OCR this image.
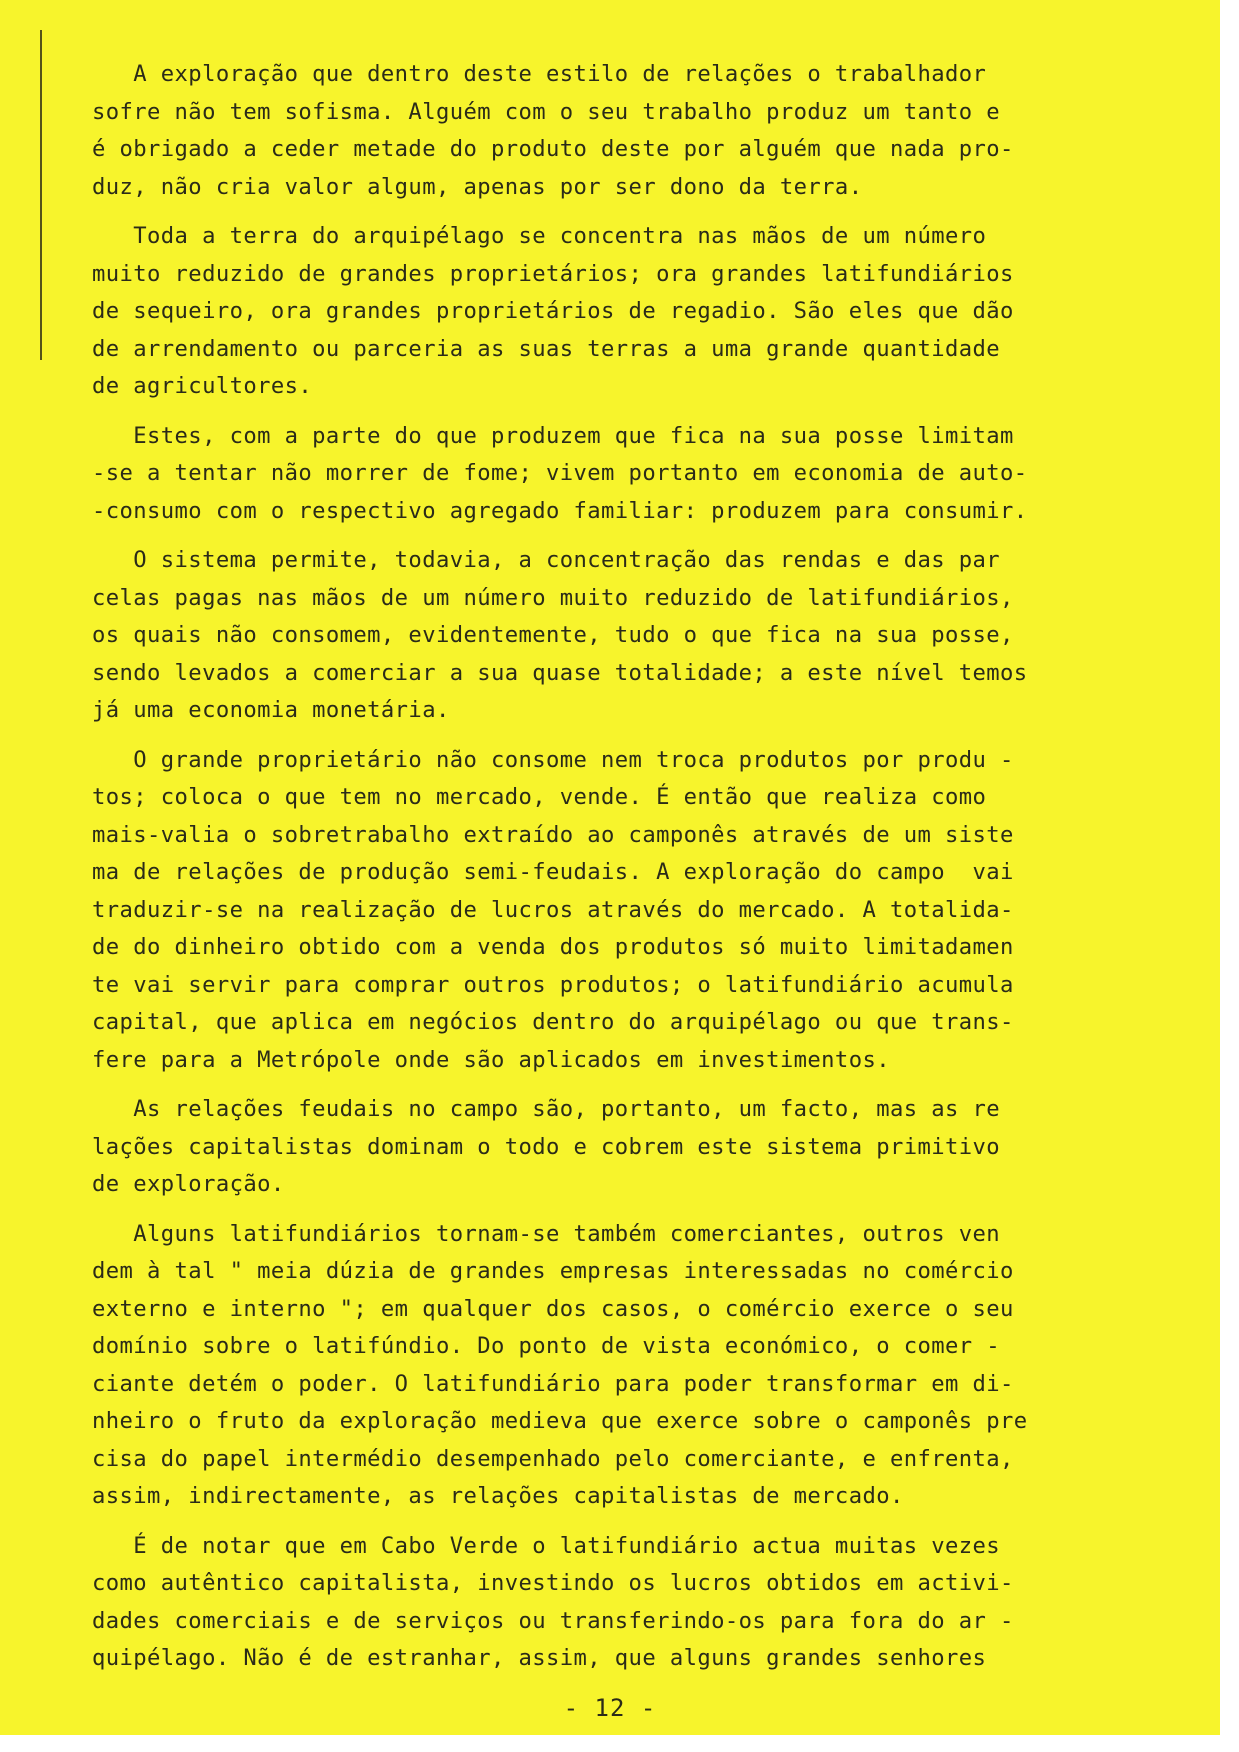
A exploração que dentro deste estilo de relações o trabalhador
sofre não tem sofisma. Alguém com o seu trabalho produz um tanto e
é obrigado a ceder metade do produto deste por alguém que nada pro-
duz, não cria valor algum, apenas por ser dono da terra.
Toda a terra do arquipélago se concentra nas mãos de um número
muito reduzido de grandes proprietários; ora grandes latifundiários
de sequeiro, ora grandes proprietários de regadio. São eles que dão
de arrendamento ou parceria as suas terras a uma grande quantidade
de agricultores.
Estes, com a parte do que produzem que fica na sua posse limitam
-se a tentar não morrer de fome; vivem portanto em economia de auto-
-consumo com o respectivo agregado familiar: produzem para consumir.
O sistema permite, todavia, a concentração das rendas e das par
celas pagas nas mãos de um número muito reduzido de latifundiários,
os quais não consomem, evidentemente, tudo o que fica na sua posse,
sendo levados a comerciar a sua quase totalidade; a este nível temos
já uma economia monetária.
O grande proprietário não consome nem troca produtos por produ -
tos; coloca o que tem no mercado, vende. É então que realiza como
mais-valia o sobretrabalho extraído ao camponês através de um siste
ma de relações de produção semi-feudais. A exploração do campo  vai
traduzir-se na realização de lucros através do mercado. A totalida-
de do dinheiro obtido com a venda dos produtos só muito limitadamen
te vai servir para comprar outros produtos; o latifundiário acumula
capital, que aplica em negócios dentro do arquipélago ou que trans-
fere para a Metrópole onde são aplicados em investimentos.
As relações feudais no campo são, portanto, um facto, mas as re
lações capitalistas dominam o todo e cobrem este sistema primitivo
de exploração.
Alguns latifundiários tornam-se também comerciantes, outros ven
dem à tal " meia dúzia de grandes empresas interessadas no comércio
externo e interno "; em qualquer dos casos, o comércio exerce o seu
domínio sobre o latifúndio. Do ponto de vista económico, o comer -
ciante detém o poder. O latifundiário para poder transformar em di-
nheiro o fruto da exploração medieva que exerce sobre o camponês pre
cisa do papel intermédio desempenhado pelo comerciante, e enfrenta,
assim, indirectamente, as relações capitalistas de mercado.
É de notar que em Cabo Verde o latifundiário actua muitas vezes
como autêntico capitalista, investindo os lucros obtidos em activi-
dades comerciais e de serviços ou transferindo-os para fora do ar -
quipélago. Não é de estranhar, assim, que alguns grandes senhores
- 12 -
